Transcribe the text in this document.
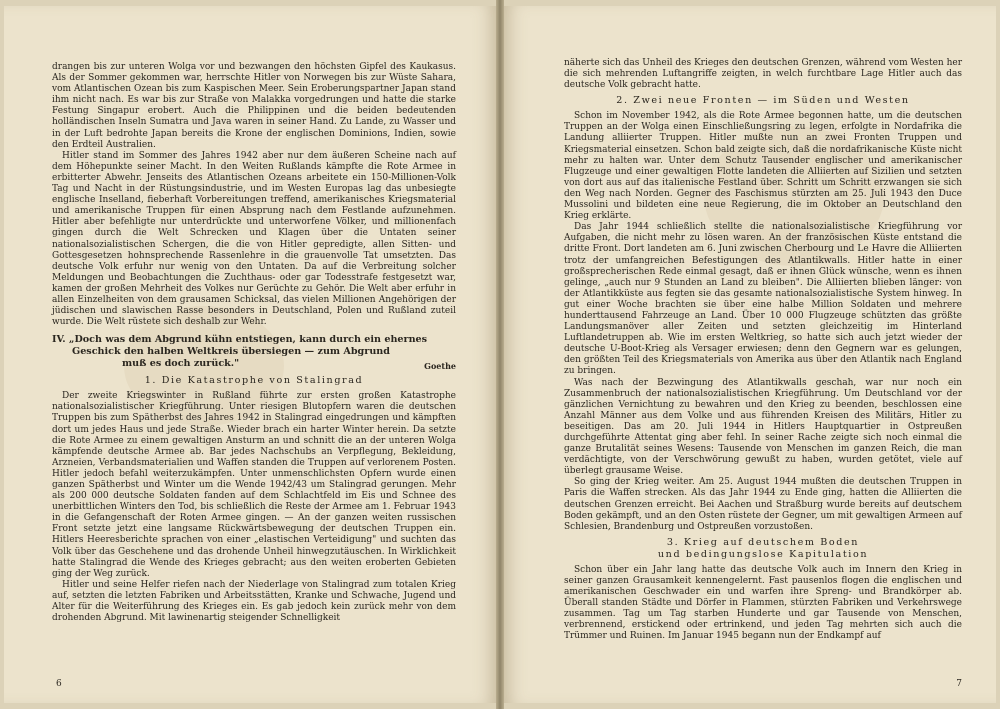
drangen bis zur unteren Wolga vor und bezwangen den höchsten Gipfel des Kaukasus. Als der Sommer gekommen war, herrschte Hitler von Norwegen bis zur Wüste Sahara, vom Atlantischen Ozean bis zum Kaspischen Meer. Sein Eroberungspartner Japan stand ihm nicht nach. Es war bis zur Straße von Malakka vorgedrungen und hatte die starke Festung Singapur erobert. Auch die Philippinen und die beiden bedeutenden holländischen Inseln Sumatra und Java waren in seiner Hand. Zu Lande, zu Wasser und in der Luft bedrohte Japan bereits die Krone der englischen Dominions, Indien, sowie den Erdteil Australien.

Hitler stand im Sommer des Jahres 1942 aber nur dem äußeren Scheine nach auf dem Höhepunkte seiner Macht. In den Weiten Rußlands kämpfte die Rote Armee in erbitterter Abwehr. Jenseits des Atlantischen Ozeans arbeitete ein 150-Millionen-Volk Tag und Nacht in der Rüstungsindustrie, und im Westen Europas lag das unbesiegte englische Inselland, fieberhaft Vorbereitungen treffend, amerikanisches Kriegsmaterial und amerikanische Truppen für einen Absprung nach dem Festlande aufzunehmen. Hitler aber befehligte nur unterdrückte und unterworfene Völker, und millionenfach gingen durch die Welt Schrecken und Klagen über die Untaten seiner nationalsozialistischen Schergen, die die von Hitler gepredigte, allen Sitten- und Gottesgesetzen hohnsprechende Rassenlehre in die grauenvolle Tat umsetzten. Das deutsche Volk erfuhr nur wenig von den Untaten. Da auf die Verbreitung solcher Meldungen und Beobachtungen die Zuchthaus- oder gar Todesstrafe festgesetzt war, kamen der großen Mehrheit des Volkes nur Gerüchte zu Gehör. Die Welt aber erfuhr in allen Einzelheiten von dem grausamen Schicksal, das vielen Millionen Angehörigen der jüdischen und slawischen Rasse besonders in Deutschland, Polen und Rußland zuteil wurde. Die Welt rüstete sich deshalb zur Wehr.

IV. „Doch was dem Abgrund kühn entstiegen, kann durch ein ehernes
Geschick den halben Weltkreis übersiegen — zum Abgrund
muß es doch zurück."	Goethe
1. Die Katastrophe von Stalingrad

Der zweite Kriegswinter in Rußland führte zur ersten großen Katastrophe nationalsozialistischer Kriegführung. Unter riesigen Blutopfern waren die deutschen Truppen bis zum Spätherbst des Jahres 1942 in Stalingrad eingedrungen und kämpften dort um jedes Haus und jede Straße. Wieder brach ein harter Winter herein. Da setzte die Rote Armee zu einem gewaltigen Ansturm an und schnitt die an der unteren Wolga kämpfende deutsche Armee ab. Bar jedes Nachschubs an Verpflegung, Bekleidung, Arzneien, Verbandsmaterialien und Waffen standen die Truppen auf verlorenem Posten. Hitler jedoch befahl weiterzukämpfen. Unter unmenschlichsten Opfern wurde einen ganzen Spätherbst und Winter um die Wende 1942/43 um Stalingrad gerungen. Mehr als 200 000 deutsche Soldaten fanden auf dem Schlachtfeld im Eis und Schnee des unerbittlichen Winters den Tod, bis schließlich die Reste der Armee am 1. Februar 1943 in die Gefangenschaft der Roten Armee gingen. — An der ganzen weiten russischen Front setzte jetzt eine langsame Rückwärtsbewegung der deutschen Truppen ein. Hitlers Heeresberichte sprachen von einer „elastischen Verteidigung" und suchten das Volk über das Geschehene und das drohende Unheil hinwegzutäuschen. In Wirklichkeit hatte Stalingrad die Wende des Krieges gebracht; aus den weiten eroberten Gebieten ging der Weg zurück.

Hitler und seine Helfer riefen nach der Niederlage von Stalingrad zum totalen Krieg auf, setzten die letzten Fabriken und Arbeitsstätten, Kranke und Schwache, Jugend und Alter für die Weiterführung des Krieges ein. Es gab jedoch kein zurück mehr von dem drohenden Abgrund. Mit lawinenartig steigender Schnelligkeit

6

näherte sich das Unheil des Krieges den deutschen Grenzen, während vom Westen her die sich mehrenden Luftangriffe zeigten, in welch furchtbare Lage Hitler auch das deutsche Volk gebracht hatte.

2. Zwei neue Fronten — im Süden und Westen

Schon im November 1942, als die Rote Armee begonnen hatte, um die deutschen Truppen an der Wolga einen Einschließungsring zu legen, erfolgte in Nordafrika die Landung alliierter Truppen. Hitler mußte nun an zwei Fronten Truppen und Kriegsmaterial einsetzen. Schon bald zeigte sich, daß die nordafrikanische Küste nicht mehr zu halten war. Unter dem Schutz Tausender englischer und amerikanischer Flugzeuge und einer gewaltigen Flotte landeten die Alliierten auf Sizilien und setzten von dort aus auf das italienische Festland über. Schritt um Schritt erzwangen sie sich den Weg nach Norden. Gegner des Faschismus stürzten am 25. Juli 1943 den Duce Mussolini und bildeten eine neue Regierung, die im Oktober an Deutschland den Krieg erklärte.

Das Jahr 1944 schließlich stellte die nationalsozialistische Kriegführung vor Aufgaben, die nicht mehr zu lösen waren. An der französischen Küste entstand die dritte Front. Dort landeten am 6. Juni zwischen Cherbourg und Le Havre die Alliierten trotz der umfangreichen Befestigungen des Atlantikwalls. Hitler hatte in einer großsprecherischen Rede einmal gesagt, daß er ihnen Glück wünsche, wenn es ihnen gelinge, „auch nur 9 Stunden an Land zu bleiben". Die Alliierten blieben länger: von der Atlantikküste aus fegten sie das gesamte nationalsozialistische System hinweg. In gut einer Woche brachten sie über eine halbe Million Soldaten und mehrere hunderttausend Fahrzeuge an Land. Über 10 000 Flugzeuge schützten das größte Landungsmanöver aller Zeiten und setzten gleichzeitig im Hinterland Luftlandetruppen ab. Wie im ersten Weltkrieg, so hatte sich auch jetzt wieder der deutsche U-Boot-Krieg als Versager erwiesen; denn den Gegnern war es gelungen, den größten Teil des Kriegsmaterials von Amerika aus über den Atlantik nach England zu bringen.

Was nach der Bezwingung des Atlantikwalls geschah, war nur noch ein Zusammenbruch der nationalsozialistischen Kriegführung. Um Deutschland vor der gänzlichen Vernichtung zu bewahren und den Krieg zu beenden, beschlossen eine Anzahl Männer aus dem Volke und aus führenden Kreisen des Militärs, Hitler zu beseitigen. Das am 20. Juli 1944 in Hitlers Hauptquartier in Ostpreußen durchgeführte Attentat ging aber fehl. In seiner Rache zeigte sich noch einmal die ganze Brutalität seines Wesens: Tausende von Menschen im ganzen Reich, die man verdächtigte, von der Verschwörung gewußt zu haben, wurden getötet, viele auf überlegt grausame Weise.

So ging der Krieg weiter. Am 25. August 1944 mußten die deutschen Truppen in Paris die Waffen strecken. Als das Jahr 1944 zu Ende ging, hatten die Alliierten die deutschen Grenzen erreicht. Bei Aachen und Straßburg wurde bereits auf deutschem Boden gekämpft, und an den Osten rüstete der Gegner, um mit gewaltigen Armeen auf Schlesien, Brandenburg und Ostpreußen vorzustoßen.

3. Krieg auf deutschem Boden
und bedingungslose Kapitulation

Schon über ein Jahr lang hatte das deutsche Volk auch im Innern den Krieg in seiner ganzen Grausamkeit kennengelernt. Fast pausenlos flogen die englischen und amerikanischen Geschwader ein und warfen ihre Spreng- und Brandkörper ab. Überall standen Städte und Dörfer in Flammen, stürzten Fabriken und Verkehrswege zusammen. Tag um Tag starben Hunderte und gar Tausende von Menschen, verbrennend, erstickend oder ertrinkend, und jeden Tag mehrten sich auch die Trümmer und Ruinen. Im Januar 1945 begann nun der Endkampf auf

7
